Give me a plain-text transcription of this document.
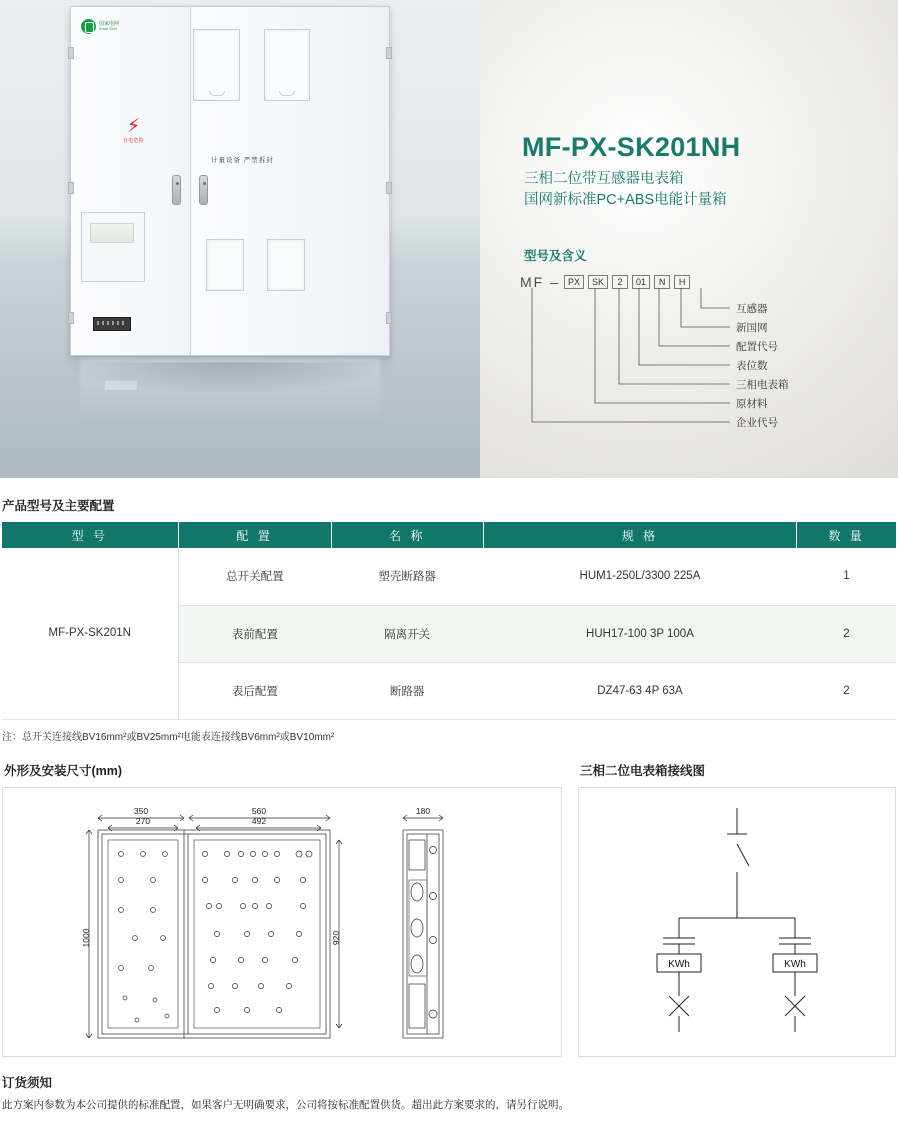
国家电网
State Grid
⚡
有电危险
计量设备 严禁拆封	MF-PX-SK201NH
三相二位带互感器电表箱
国网新标准PC+ABS电能计量箱
型号及含义
MF –	PX	SK	2	01	N	H
互感器
新国网
配置代号
表位数
三相电表箱
原材料
企业代号
产品型号及主要配置
型 号	配 置	名 称	规 格	数 量
MF-PX-SK201N	总开关配置	塑壳断路器	HUM1-250L/3300 225A	1
	表前配置	隔离开关	HUH17-100 3P 100A	2
	表后配置	断路器	DZ47-63 4P 63A	2
注：总开关连接线BV16mm²或BV25mm²电能表连接线BV6mm²或BV10mm²
外形及安装尺寸(mm)
350
270
560
492
180
1000	920
三相二位电表箱接线图
KWh	KWh
订货须知

此方案内参数为本公司提供的标准配置，如果客户无明确要求，公司将按标准配置供货。超出此方案要求的，请另行说明。
